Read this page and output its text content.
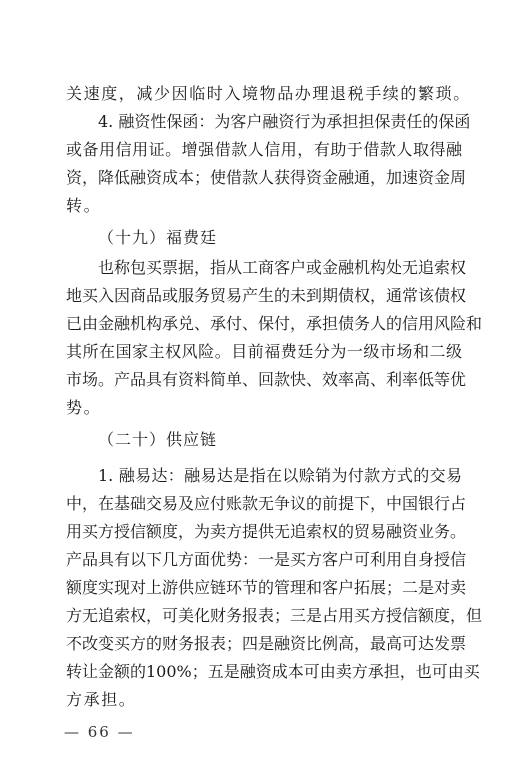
关速度，减少因临时入境物品办理退税手续的繁琐。
4. 融资性保函：为客户融资行为承担担保责任的保函
或备用信用证。增强借款人信用，有助于借款人取得融
资，降低融资成本；使借款人获得资金融通，加速资金周
转。
（十九）福费廷
也称包买票据，指从工商客户或金融机构处无追索权
地买入因商品或服务贸易产生的未到期债权，通常该债权
已由金融机构承兑、承付、保付，承担债务人的信用风险和
其所在国家主权风险。目前福费廷分为一级市场和二级
市场。产品具有资料简单、回款快、效率高、利率低等优
势。
（二十）供应链
— 66 —
1. 融易达：融易达是指在以赊销为付款方式的交易
中，在基础交易及应付账款无争议的前提下，中国银行占
用买方授信额度，为卖方提供无追索权的贸易融资业务。
产品具有以下几方面优势：一是买方客户可利用自身授信
额度实现对上游供应链环节的管理和客户拓展；二是对卖
方无追索权，可美化财务报表；三是占用买方授信额度，但
不改变买方的财务报表；四是融资比例高，最高可达发票
转让金额的100%；五是融资成本可由卖方承担，也可由买
方承担。
